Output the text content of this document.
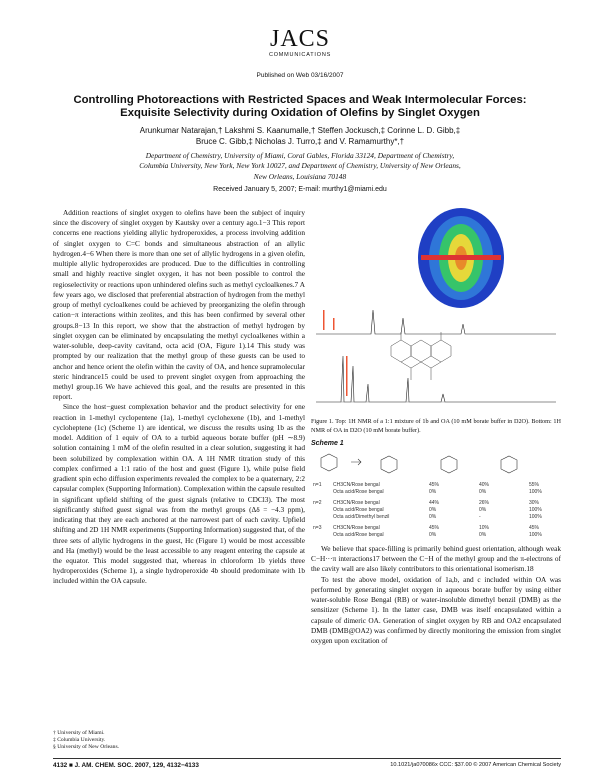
JACS
COMMUNICATIONS
Published on Web 03/16/2007
Controlling Photoreactions with Restricted Spaces and Weak Intermolecular Forces: Exquisite Selectivity during Oxidation of Olefins by Singlet Oxygen
Arunkumar Natarajan,† Lakshmi S. Kaanumalle,† Steffen Jockusch,‡ Corinne L. D. Gibb,‡
Bruce C. Gibb,‡ Nicholas J. Turro,‡ and V. Ramamurthy*,†
Department of Chemistry, University of Miami, Coral Gables, Florida 33124, Department of Chemistry,
Columbia University, New York, New York 10027, and Department of Chemistry, University of New Orleans,
New Orleans, Louisiana 70148
Received January 5, 2007; E-mail: murthy1@miami.edu

Addition reactions of singlet oxygen to olefins have been the subject of inquiry since the discovery of singlet oxygen by Kautsky over a century ago.1−3 This report concerns ene reactions yielding allylic hydroperoxides, a process involving addition of singlet oxygen to C=C bonds and simultaneous abstraction of an allylic hydrogen.4−6 When there is more than one set of allylic hydrogens in a given olefin, multiple allylic hydroperoxides are produced. Due to the difficulties in controlling small and highly reactive singlet oxygen, it has not been possible to control the regioselectivity or reactions upon unhindered olefins such as methyl cycloalkenes.7 A few years ago, we disclosed that preferential abstraction of hydrogen from the methyl group of methyl cycloalkenes could be achieved by preorganizing the olefin through cation−π interactions within zeolites, and this has been confirmed by several other groups.8−13 In this report, we show that the abstraction of methyl hydrogen by singlet oxygen can be eliminated by encapsulating the methyl cycloalkenes within a water-soluble, deep-cavity cavitand, octa acid (OA, Figure 1).14 This study was prompted by our realization that the methyl group of these guests can be used to anchor and hence orient the olefin within the cavity of OA, and hence supramolecular steric hindrance15 could be used to prevent singlet oxygen from approaching the methyl group.16 We have achieved this goal, and the results are presented in this report.

Since the host−guest complexation behavior and the product selectivity for ene reaction in 1-methyl cyclopentene (1a), 1-methyl cyclohexene (1b), and 1-methyl cycloheptene (1c) (Scheme 1) are identical, we discuss the results using 1b as the model. Addition of 1 equiv of OA to a turbid aqueous borate buffer (pH ∼8.9) solution containing 1 mM of the olefin resulted in a clear solution, suggesting it had been solubilized by complexation within OA. A 1H NMR titration study of this complex confirmed a 1:1 ratio of the host and guest (Figure 1), while pulse field gradient spin echo diffusion experiments revealed the complex to be a quaternary, 2:2 capsular complex (Supporting Information). Complexation within the capsule resulted in significant upfield shifting of the guest signals (relative to CDCl3). The most significantly shifted guest signal was from the methyl groups (Δδ = −4.3 ppm), indicating that they are each anchored at the narrowest part of each cavity. Upfield shifting and 2D 1H NMR experiments (Supporting Information) suggested that, of the three sets of allylic hydrogens in the guest, Hc (Figure 1) would be most accessible and Ha (methyl) would be the least accessible to any reagent entering the capsule at the equator. This model suggested that, whereas in chloroform 1b yields three hydroperoxides (Scheme 1), a single hydroperoxide 4b should predominate with 1b included within the OA capsule.

† University of Miami.
‡ Columbia University.
§ University of New Orleans.
Figure 1. Top: 1H NMR of a 1:1 mixture of 1b and OA (10 mM borate buffer in D2O). Bottom: 1H NMR of OA in D2O (10 mM borate buffer).
Scheme 1
n=1 CH3CN/Rose bengal	45%	40%	55%
Octa acid/Rose bengal	0%	0%	100%
n=2 CH3CN/Rose bengal	44%	26%	30%
Octa acid/Rose bengal	0%	0%	100%
Octa acid/Dimethyl benzil	0%	-	100%
n=3 CH3CN/Rose bengal	45%	10%	45%
Octa acid/Rose bengal	0%	0%	100%

We believe that space-filling is primarily behind guest orientation, although weak C−H···π interactions17 between the C−H of the methyl group and the π-electrons of the cavity wall are also likely contributors to this orientational isomerism.18

To test the above model, oxidation of 1a,b, and c included within OA was performed by generating singlet oxygen in aqueous borate buffer by using either water-soluble Rose Bengal (RB) or water-insoluble dimethyl benzil (DMB) as the sensitizer (Scheme 1). In the latter case, DMB was itself encapsulated within a capsule of dimeric OA. Generation of singlet oxygen by RB and OA2 encapsulated DMB (DMB@OA2) was confirmed by directly monitoring the emission from singlet oxygen upon excitation of

4132 ■ J. AM. CHEM. SOC. 2007, 129, 4132−4133	10.1021/ja070086x CCC: $37.00 © 2007 American Chemical Society
